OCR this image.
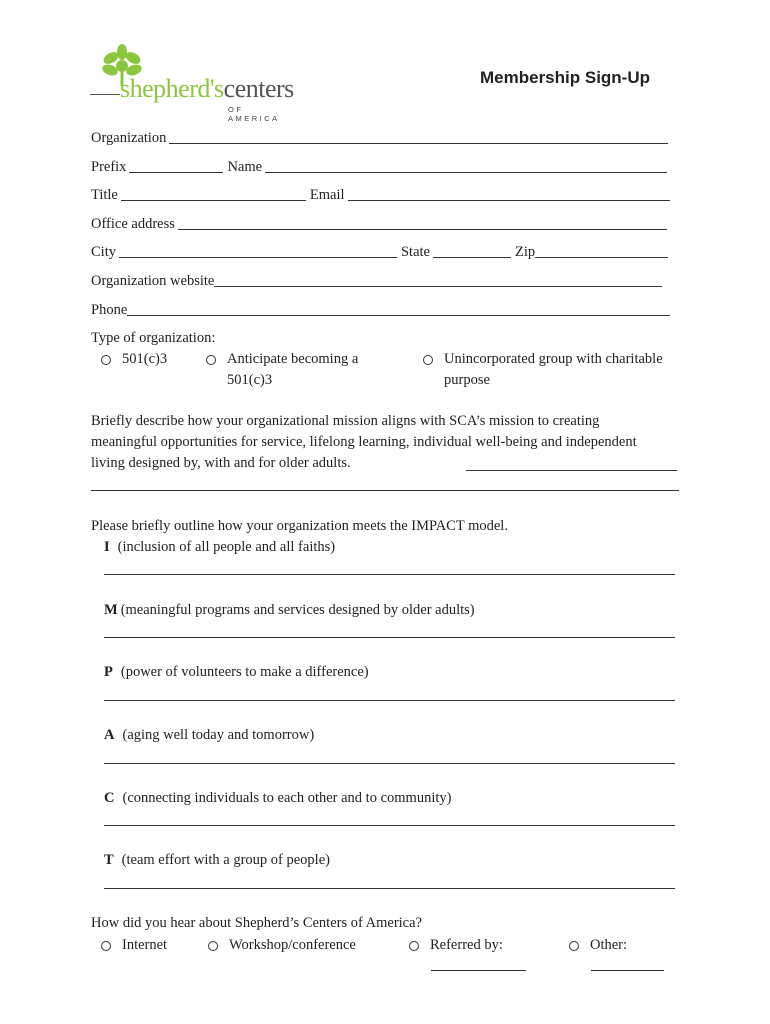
shepherd'scenters
OF AMERICA
Membership Sign-Up
Organization
Prefix	Name
Title	Email
Office address
City	State	Zip
Organization website
Phone
Type of organization:
501(c)3	Anticipate becoming a 501(c)3
Unincorporated group with charitable purpose
Briefly describe how your organizational mission aligns with SCA’s mission to creating meaningful opportunities for service, lifelong learning, individual well-being and independent living designed by, with and for older adults.
Please briefly outline how your organization meets the IMPACT model.
I (inclusion of all people and all faiths)
M (meaningful programs and services designed by older adults)
P (power of volunteers to make a difference)
A (aging well today and tomorrow)
C (connecting individuals to each other and to community)
T (team effort with a group of people)
How did you hear about Shepherd’s Centers of America?
Internet	Workshop/conference	Referred by:	Other:
